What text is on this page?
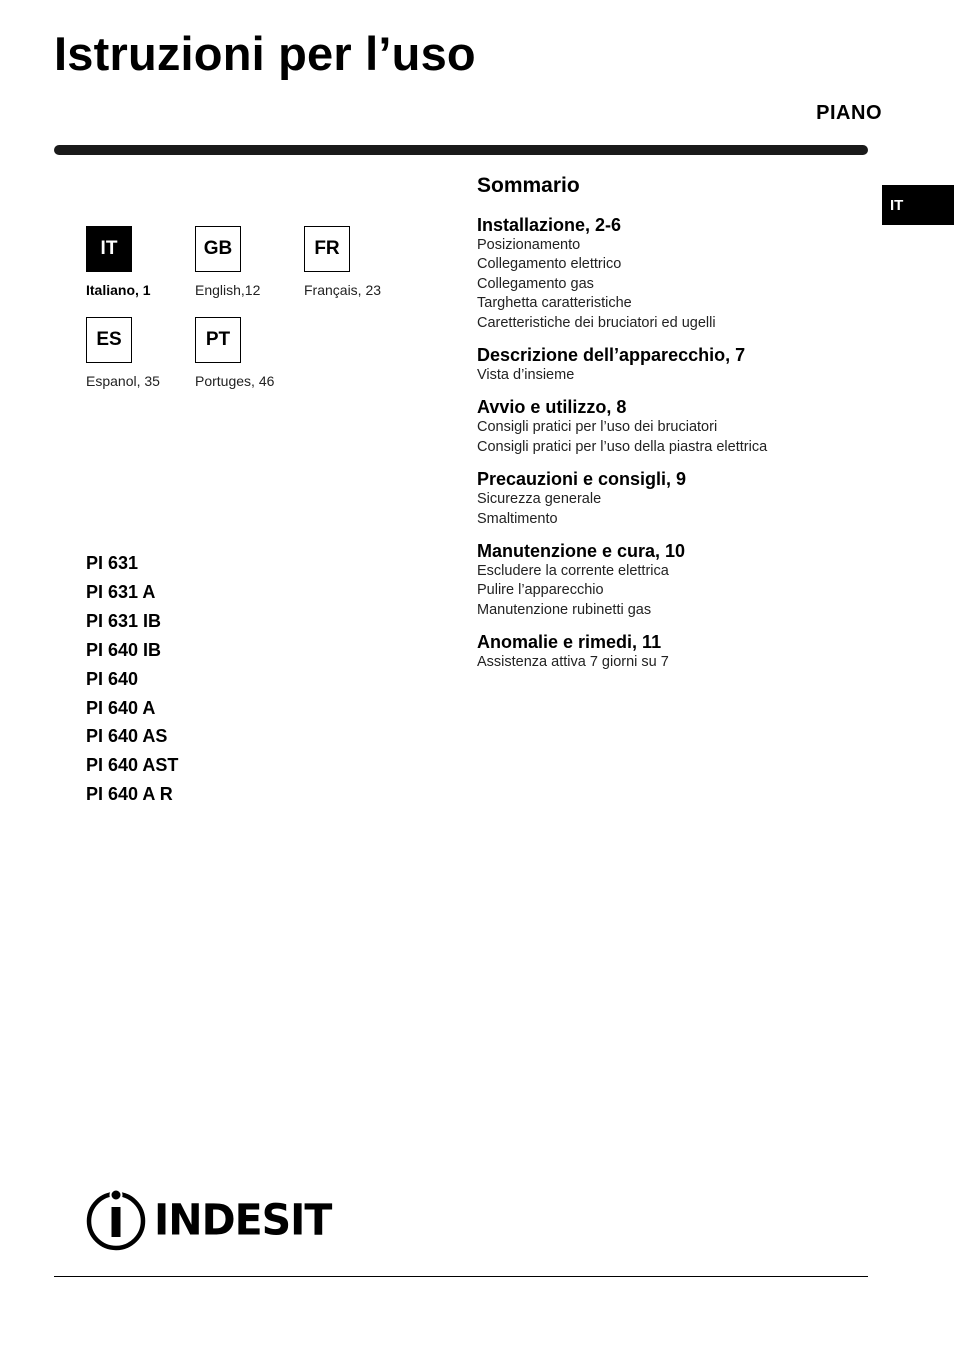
Istruzioni per l’uso
PIANO
IT
IT
Italiano, 1
GB
English,12
FR
Français, 23
ES
Espanol, 35
PT
Portuges, 46
PI 631
PI 631 A
PI 631 IB
PI 640 IB
PI 640
PI 640 A
PI 640 AS
PI 640 AST
PI 640 A R
Sommario
Installazione, 2-6
Posizionamento
Collegamento elettrico
Collegamento gas
Targhetta caratteristiche
Caretteristiche dei bruciatori ed ugelli
Descrizione dell’apparecchio, 7
Vista d’insieme
Avvio e utilizzo, 8
Consigli pratici per l’uso dei bruciatori
Consigli pratici per l’uso della piastra elettrica
Precauzioni e consigli, 9
Sicurezza generale
Smaltimento
Manutenzione e cura, 10
Escludere la corrente elettrica
Pulire l’apparecchio
Manutenzione rubinetti gas
Anomalie e rimedi, 11
Assistenza attiva 7 giorni su 7
INDESIT
